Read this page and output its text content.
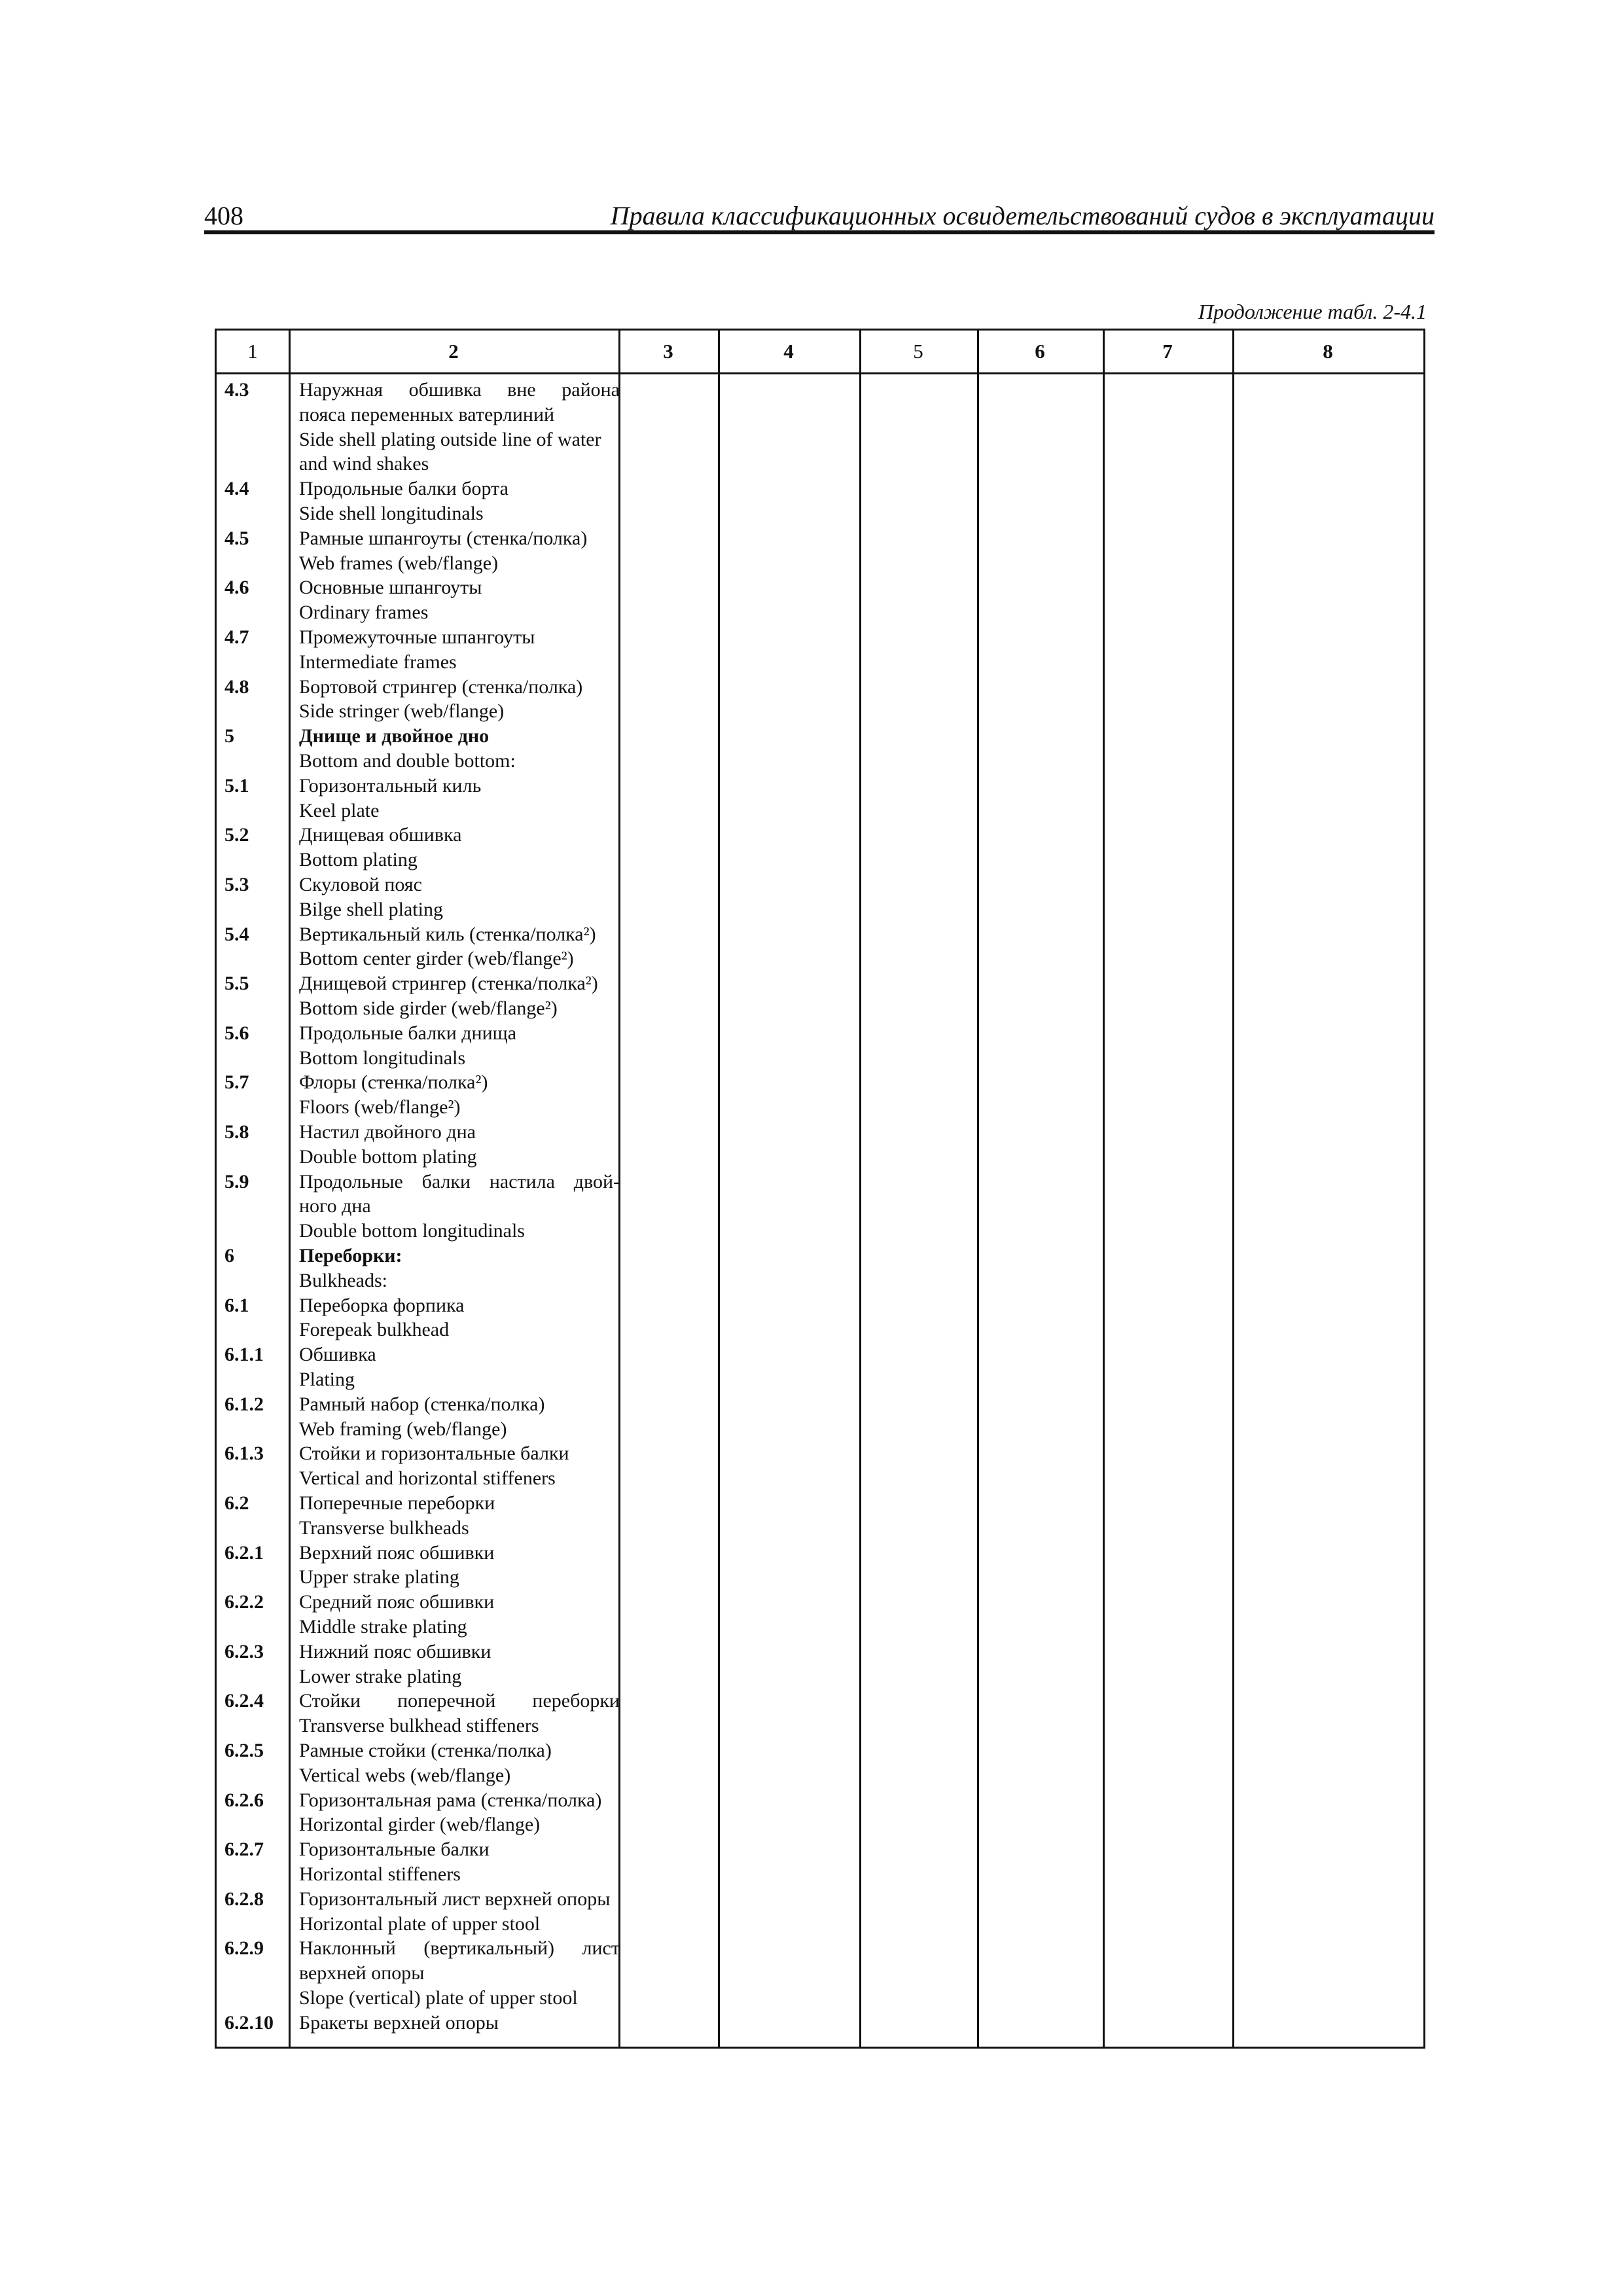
408	Правила классификационных освидетельствований судов в эксплуатации
Продолжение табл. 2-4.1
1	2	3	4	5	6	7	8
4.3	Наружная обшивка вне района
пояса переменных ватерлиний
Side shell plating outside line of water
and wind shakes
4.4	Продольные балки борта
Side shell longitudinals
4.5	Рамные шпангоуты (стенка/полка)
Web frames (web/flange)
4.6	Основные шпангоуты
Ordinary frames
4.7	Промежуточные шпангоуты
Intermediate frames
4.8	Бортовой стрингер (стенка/полка)
Side stringer (web/flange)
5	Днище и двойное дно
Bottom and double bottom:
5.1	Горизонтальный киль
Keel plate
5.2	Днищевая обшивка
Bottom plating
5.3	Скуловой пояс
Bilge shell plating
5.4	Вертикальный киль (стенка/полка²)
Bottom center girder (web/flange²)
5.5	Днищевой стрингер (стенка/полка²)
Bottom side girder (web/flange²)
5.6	Продольные балки днища
Bottom longitudinals
5.7	Флоры (стенка/полка²)
Floors (web/flange²)
5.8	Настил двойного дна
Double bottom plating
5.9	Продольные балки настила двой-
ного дна
Double bottom longitudinals
6	Переборки:
Bulkheads:
6.1	Переборка форпика
Forepeak bulkhead
6.1.1 Обшивка
Plating
6.1.2 Рамный набор (стенка/полка)
Web framing (web/flange)
6.1.3 Стойки и горизонтальные балки
Vertical and horizontal stiffeners
6.2	Поперечные переборки
Transverse bulkheads
6.2.1 Верхний пояс обшивки
Upper strake plating
6.2.2 Средний пояс обшивки
Middle strake plating
6.2.3 Нижний пояс обшивки
Lower strake plating
6.2.4 Стойки поперечной переборки
Transverse bulkhead stiffeners
6.2.5 Рамные стойки (стенка/полка)
Vertical webs (web/flange)
6.2.6 Горизонтальная рама (стенка/полка)
Horizontal girder (web/flange)
6.2.7 Горизонтальные балки
Horizontal stiffeners
6.2.8 Горизонтальный лист верхней опоры
Horizontal plate of upper stool
6.2.9 Наклонный (вертикальный) лист
верхней опоры
Slope (vertical) plate of upper stool
6.2.10 Бракеты верхней опоры
